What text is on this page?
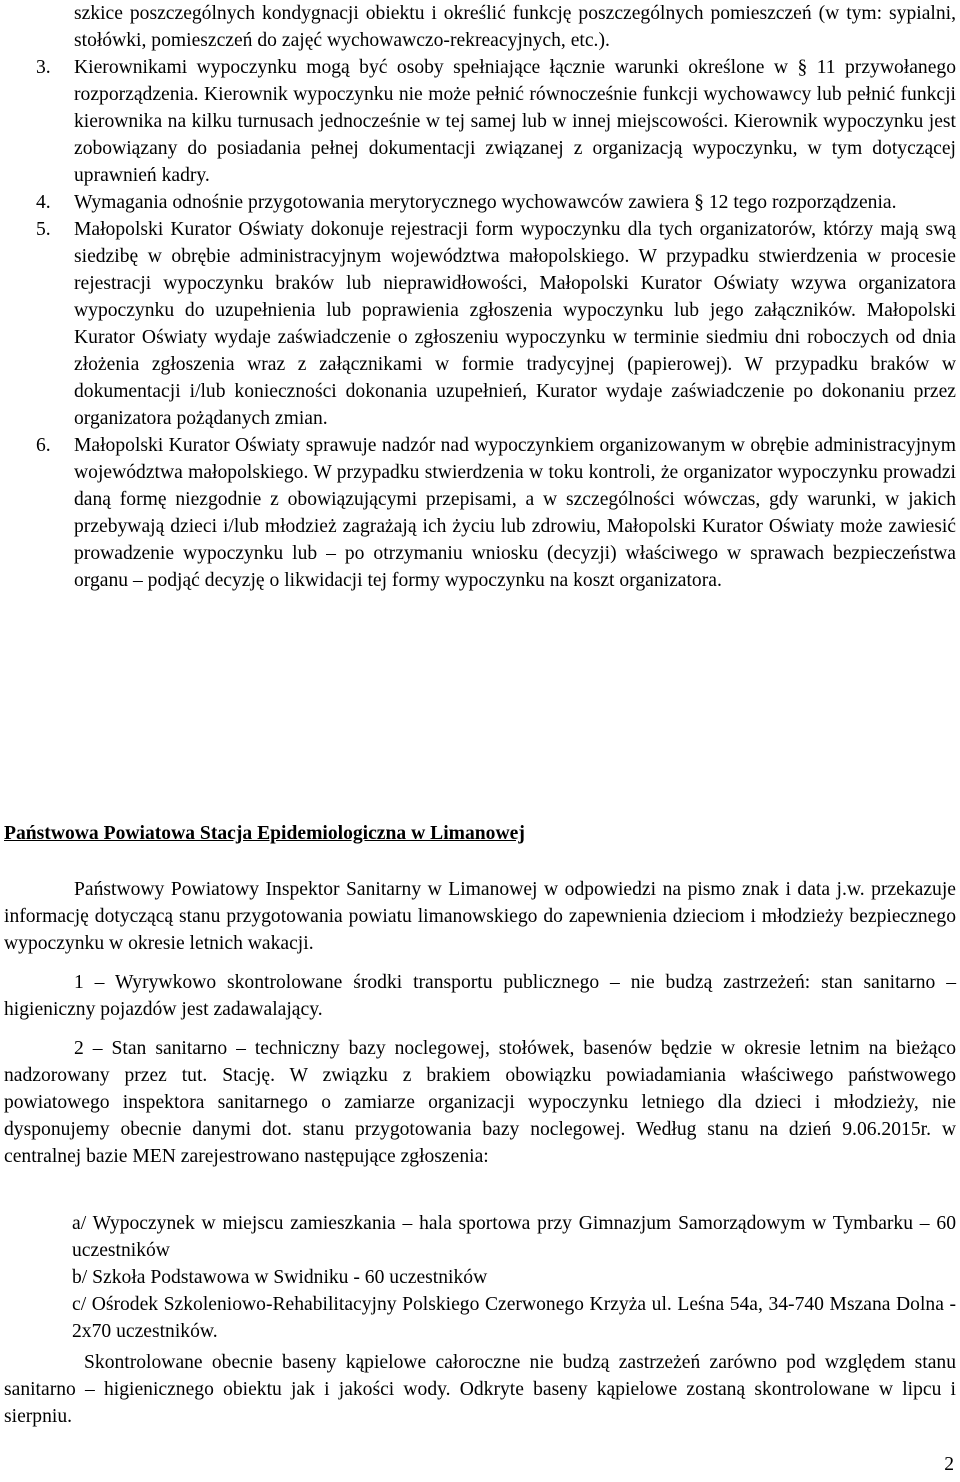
szkice poszczególnych kondygnacji obiektu i określić funkcję poszczególnych pomieszczeń (w tym: sypialni, stołówki, pomieszczeń do zajęć wychowawczo-rekreacyjnych, etc.).
3.	Kierownikami wypoczynku mogą być osoby spełniające łącznie warunki określone w § 11 przywołanego rozporządzenia. Kierownik wypoczynku nie może pełnić równocześnie funkcji wychowawcy lub pełnić funkcji kierownika na kilku turnusach jednocześnie w tej samej lub w innej miejscowości. Kierownik wypoczynku jest zobowiązany do posiadania pełnej dokumentacji związanej z organizacją wypoczynku, w tym dotyczącej uprawnień kadry.
4.	Wymagania odnośnie przygotowania merytorycznego wychowawców zawiera § 12 tego rozporządzenia.
5.	Małopolski Kurator Oświaty dokonuje rejestracji form wypoczynku dla tych organizatorów, którzy mają swą siedzibę w obrębie administracyjnym województwa małopolskiego. W przypadku stwierdzenia w procesie rejestracji wypoczynku braków lub nieprawidłowości, Małopolski Kurator Oświaty wzywa organizatora wypoczynku do uzupełnienia lub poprawienia zgłoszenia wypoczynku lub jego załączników. Małopolski Kurator Oświaty wydaje zaświadczenie o zgłoszeniu wypoczynku w terminie siedmiu dni roboczych od dnia złożenia zgłoszenia wraz z załącznikami w formie tradycyjnej (papierowej). W przypadku braków w dokumentacji i/lub konieczności dokonania uzupełnień, Kurator wydaje zaświadczenie po dokonaniu przez organizatora pożądanych zmian.
6.	Małopolski Kurator Oświaty sprawuje nadzór nad wypoczynkiem organizowanym w obrębie administracyjnym województwa małopolskiego. W przypadku stwierdzenia w toku kontroli, że organizator wypoczynku prowadzi daną formę niezgodnie z obowiązującymi przepisami, a w szczególności wówczas, gdy warunki, w jakich przebywają dzieci i/lub młodzież zagrażają ich życiu lub zdrowiu, Małopolski Kurator Oświaty może zawiesić prowadzenie wypoczynku lub – po otrzymaniu wniosku (decyzji) właściwego w sprawach bezpieczeństwa organu – podjąć decyzję o likwidacji tej formy wypoczynku na koszt organizatora.
Państwowa Powiatowa Stacja Epidemiologiczna w Limanowej
Państwowy Powiatowy Inspektor Sanitarny w Limanowej w odpowiedzi na pismo znak i data j.w. przekazuje informację dotyczącą stanu przygotowania powiatu limanowskiego do zapewnienia dzieciom i młodzieży bezpiecznego wypoczynku w okresie letnich wakacji.
1 – Wyrywkowo skontrolowane środki transportu publicznego – nie budzą zastrzeżeń: stan sanitarno – higieniczny pojazdów jest zadawalający.
2 – Stan sanitarno – techniczny bazy noclegowej, stołówek, basenów będzie w okresie letnim na bieżąco nadzorowany przez tut. Stację. W związku z brakiem obowiązku powiadamiania właściwego państwowego powiatowego inspektora sanitarnego o zamiarze organizacji wypoczynku letniego dla dzieci i młodzieży, nie dysponujemy obecnie danymi dot. stanu przygotowania bazy noclegowej. Według stanu na dzień 9.06.2015r. w centralnej bazie MEN zarejestrowano następujące zgłoszenia:
a/ Wypoczynek w miejscu zamieszkania – hala sportowa przy Gimnazjum Samorządowym w Tymbarku – 60 uczestników
b/ Szkoła Podstawowa w Swidniku - 60 uczestników
c/ Ośrodek Szkoleniowo-Rehabilitacyjny Polskiego Czerwonego Krzyża ul. Leśna 54a, 34-740 Mszana Dolna - 2x70 uczestników.
Skontrolowane obecnie baseny kąpielowe całoroczne nie budzą zastrzeżeń zarówno pod względem stanu sanitarno – higienicznego obiektu jak i jakości wody. Odkryte baseny kąpielowe zostaną skontrolowane w lipcu i sierpniu.
2
